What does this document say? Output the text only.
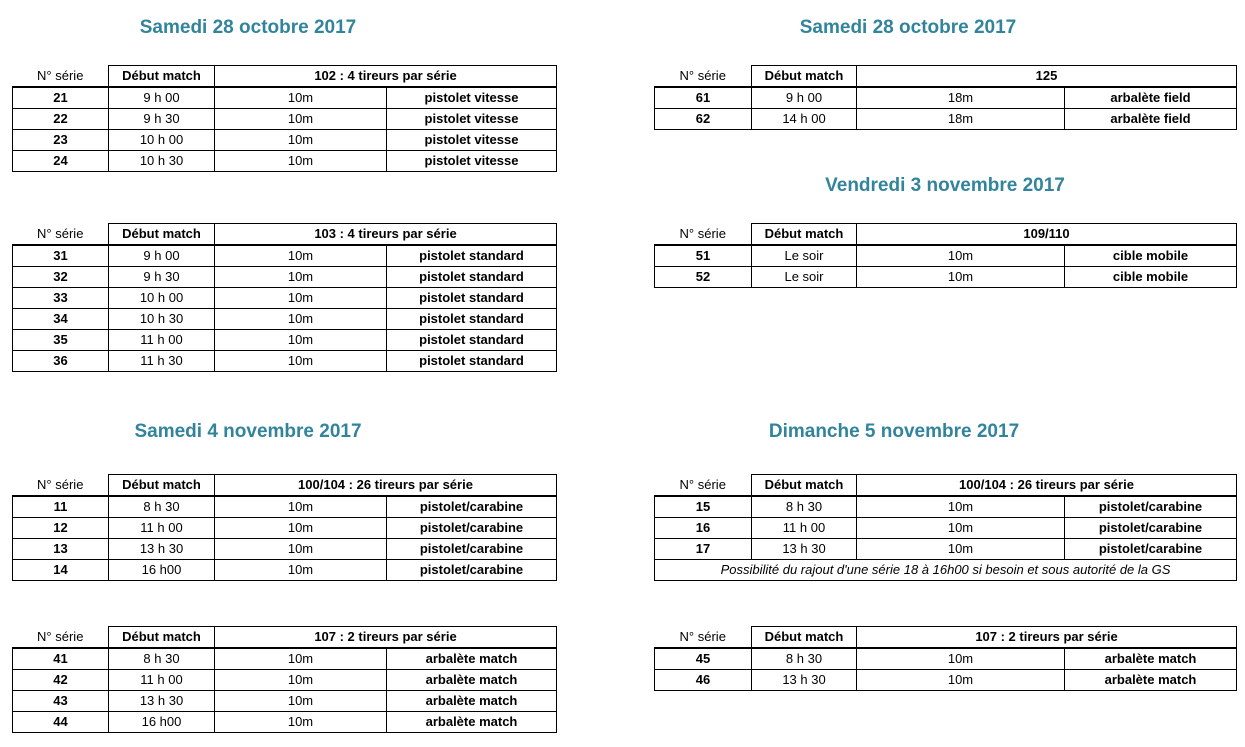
Samedi 28 octobre 2017
N° série	Début match	102 : 4 tireurs par série	
21	9 h 00	10m	pistolet vitesse
22	9 h 30	10m	pistolet vitesse
23	10 h 00	10m	pistolet vitesse
24	10 h 30	10m	pistolet vitesse
N° série	Début match	103 : 4 tireurs par série	
31	9 h 00	10m	pistolet standard
32	9 h 30	10m	pistolet standard
33	10 h 00	10m	pistolet standard
34	10 h 30	10m	pistolet standard
35	11 h 00	10m	pistolet standard
36	11 h 30	10m	pistolet standard
Samedi 28 octobre 2017
N° série	Début match	125	
61	9 h 00	18m	arbalète field
62	14 h 00	18m	arbalète field
Vendredi 3 novembre 2017
N° série	Début match	109/110	
51	Le soir	10m	cible mobile
52	Le soir	10m	cible mobile
Samedi 4 novembre 2017
N° série	Début match	100/104 : 26 tireurs par série	
11	8 h 30	10m	pistolet/carabine
12	11 h 00	10m	pistolet/carabine
13	13 h 30	10m	pistolet/carabine
14	16 h00	10m	pistolet/carabine
N° série	Début match	107 : 2 tireurs par série	
41	8 h 30	10m	arbalète match
42	11 h 00	10m	arbalète match
43	13 h 30	10m	arbalète match
44	16 h00	10m	arbalète match
Dimanche 5 novembre 2017
N° série	Début match	100/104 : 26 tireurs par série	
15	8 h 30	10m	pistolet/carabine
16	11 h 00	10m	pistolet/carabine
17	13 h 30	10m	pistolet/carabine
Possibilité du rajout d'une série 18 à 16h00 si besoin et sous autorité de la GS			
N° série	Début match	107 : 2 tireurs par série	
45	8 h 30	10m	arbalète match
46	13 h 30	10m	arbalète match
